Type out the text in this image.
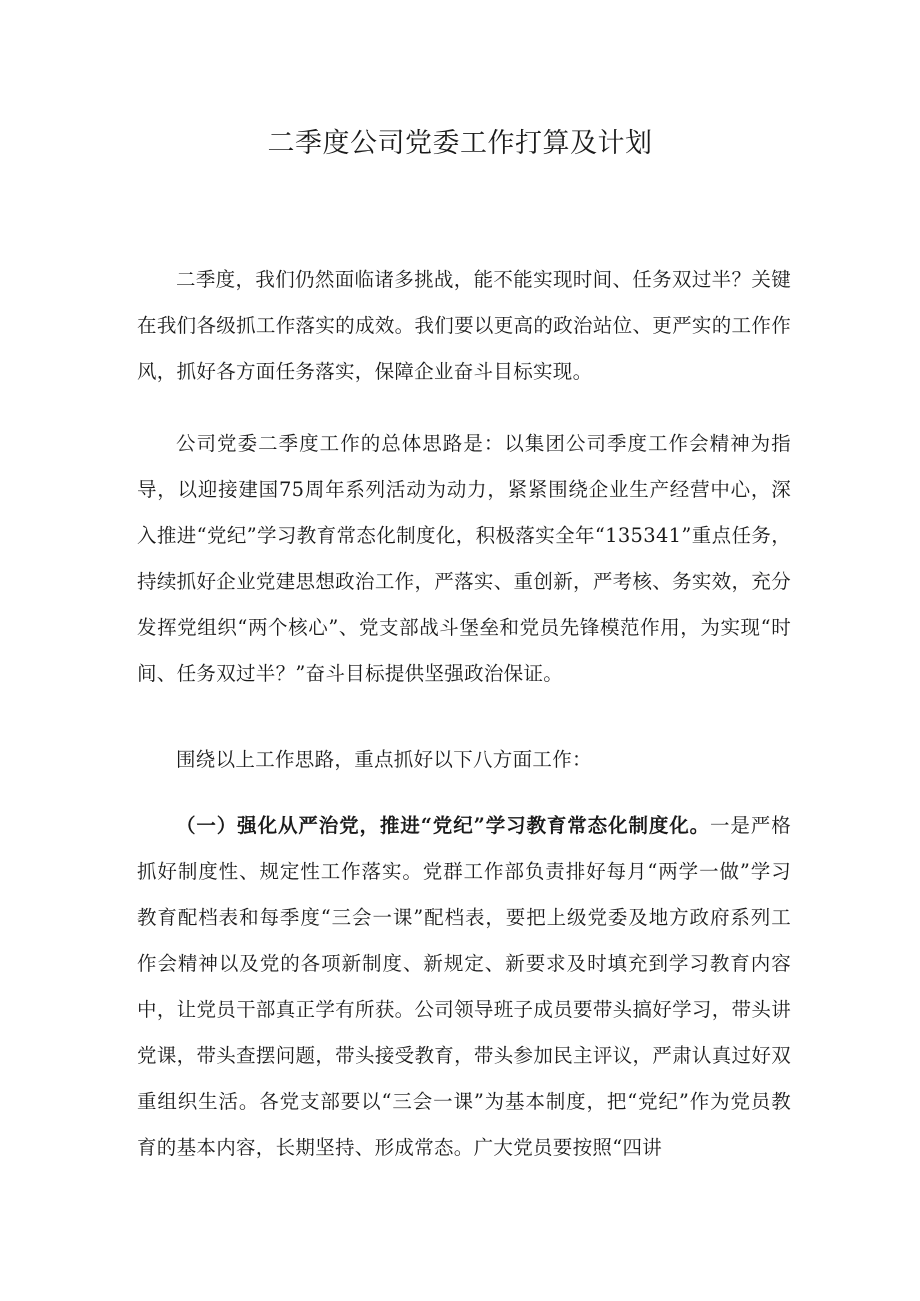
二季度公司党委工作打算及计划

二季度，我们仍然面临诸多挑战，能不能实现时间、任务双过半？关键在我们各级抓工作落实的成效。我们要以更高的政治站位、更严实的工作作风，抓好各方面任务落实，保障企业奋斗目标实现。

公司党委二季度工作的总体思路是：以集团公司季度工作会精神为指导，以迎接建国75周年系列活动为动力，紧紧围绕企业生产经营中心，深入推进“党纪”学习教育常态化制度化，积极落实全年“135341”重点任务，持续抓好企业党建思想政治工作，严落实、重创新，严考核、务实效，充分发挥党组织“两个核心”、党支部战斗堡垒和党员先锋模范作用，为实现“时间、任务双过半？”奋斗目标提供坚强政治保证。

围绕以上工作思路，重点抓好以下八方面工作：

（一）强化从严治党，推进“党纪”学习教育常态化制度化。一是严格抓好制度性、规定性工作落实。党群工作部负责排好每月“两学一做”学习教育配档表和每季度“三会一课”配档表，要把上级党委及地方政府系列工作会精神以及党的各项新制度、新规定、新要求及时填充到学习教育内容中，让党员干部真正学有所获。公司领导班子成员要带头搞好学习，带头讲党课，带头查摆问题，带头接受教育，带头参加民主评议，严肃认真过好双重组织生活。各党支部要以“三会一课”为基本制度，把“党纪”作为党员教育的基本内容，长期坚持、形成常态。广大党员要按照“四讲
